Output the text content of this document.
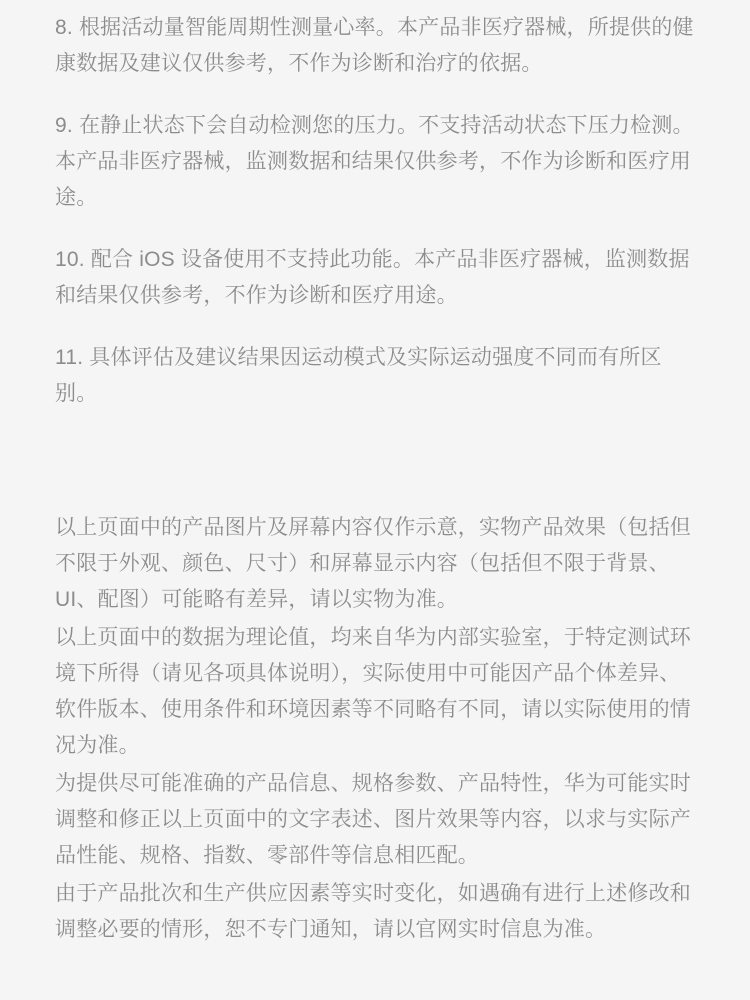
8. 根据活动量智能周期性测量心率。本产品非医疗器械，所提供的健康数据及建议仅供参考，不作为诊断和治疗的依据。

9. 在静止状态下会自动检测您的压力。不支持活动状态下压力检测。本产品非医疗器械，监测数据和结果仅供参考，不作为诊断和医疗用途。

10. 配合 iOS 设备使用不支持此功能。本产品非医疗器械，监测数据和结果仅供参考，不作为诊断和医疗用途。

11. 具体评估及建议结果因运动模式及实际运动强度不同而有所区别。

以上页面中的产品图片及屏幕内容仅作示意，实物产品效果（包括但不限于外观、颜色、尺寸）和屏幕显示内容（包括但不限于背景、UI、配图）可能略有差异，请以实物为准。

以上页面中的数据为理论值，均来自华为内部实验室，于特定测试环境下所得（请见各项具体说明），实际使用中可能因产品个体差异、软件版本、使用条件和环境因素等不同略有不同，请以实际使用的情况为准。

为提供尽可能准确的产品信息、规格参数、产品特性，华为可能实时调整和修正以上页面中的文字表述、图片效果等内容，以求与实际产品性能、规格、指数、零部件等信息相匹配。

由于产品批次和生产供应因素等实时变化，如遇确有进行上述修改和调整必要的情形，恕不专门通知，请以官网实时信息为准。
